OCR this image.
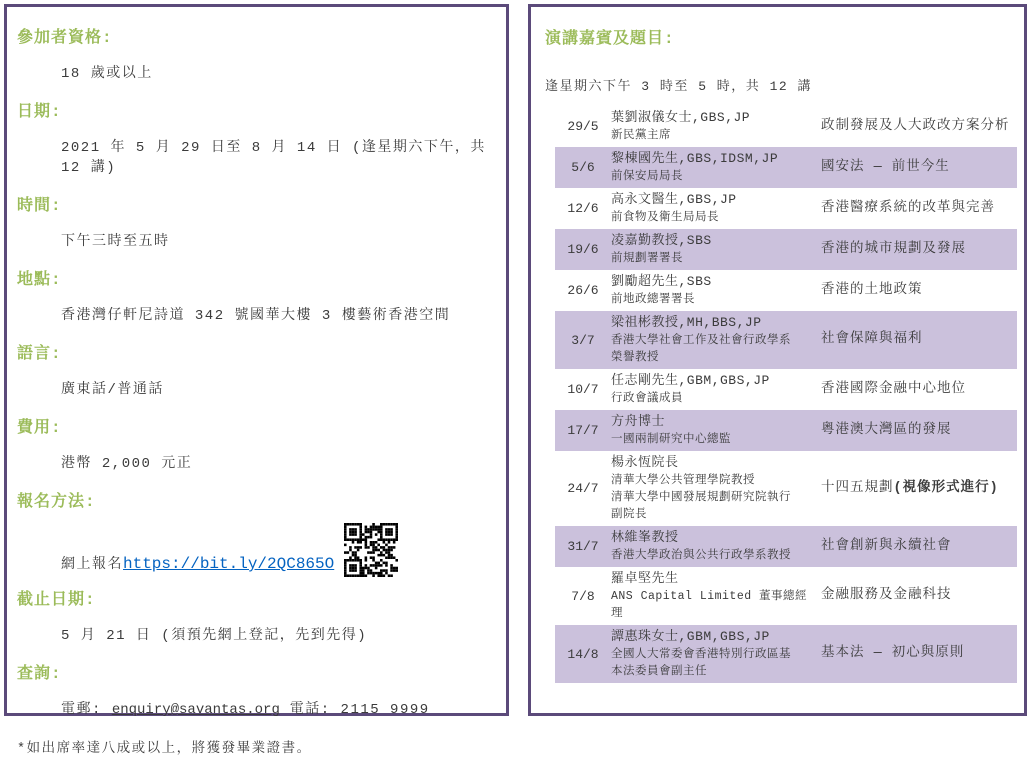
參加者資格:

18 歲或以上

日期:

2021 年 5 月 29 日至 8 月 14 日 (逢星期六下午，共 12 講)

時間:

下午三時至五時

地點:

香港灣仔軒尼詩道 342 號國華大樓 3 樓藝術香港空間

語言:

廣東話/普通話

費用:

港幣 2,000 元正

報名方法:
網上報名 https://bit.ly/2QC865O
截止日期:

5 月 21 日 (須預先網上登記，先到先得)

查詢:

電郵: enquiry@savantas.org 電話: 2115 9999

*如出席率達八成或以上，將獲發畢業證書。

演講嘉賓及題目:

逢星期六下午 3 時至 5 時，共 12 講

29/5
葉劉淑儀女士,GBS,JP
新民黨主席
政制發展及人大政改方案分析
5/6
黎棟國先生,GBS,IDSM,JP
前保安局局長
國安法 — 前世今生
12/6
高永文醫生,GBS,JP
前食物及衛生局局長
香港醫療系統的改革與完善
19/6
凌嘉勤教授,SBS
前規劃署署長
香港的城市規劃及發展
26/6
劉勵超先生,SBS
前地政總署署長
香港的土地政策
3/7
梁祖彬教授,MH,BBS,JP
香港大學社會工作及社會行政學系
榮譽教授
社會保障與福利
10/7
任志剛先生,GBM,GBS,JP
行政會議成員
香港國際金融中心地位
17/7
方舟博士
一國兩制研究中心總監
粵港澳大灣區的發展
24/7
楊永恆院長
清華大學公共管理學院教授
清華大學中國發展規劃研究院執行
副院長
十四五規劃 (視像形式進行)
31/7
林維峯教授
香港大學政治與公共行政學系教授
社會創新與永續社會
7/8
羅卓堅先生
ANS Capital Limited 董事總經理
金融服務及金融科技
14/8
譚惠珠女士,GBM,GBS,JP
全國人大常委會香港特別行政區基
本法委員會副主任
基本法 — 初心與原則
